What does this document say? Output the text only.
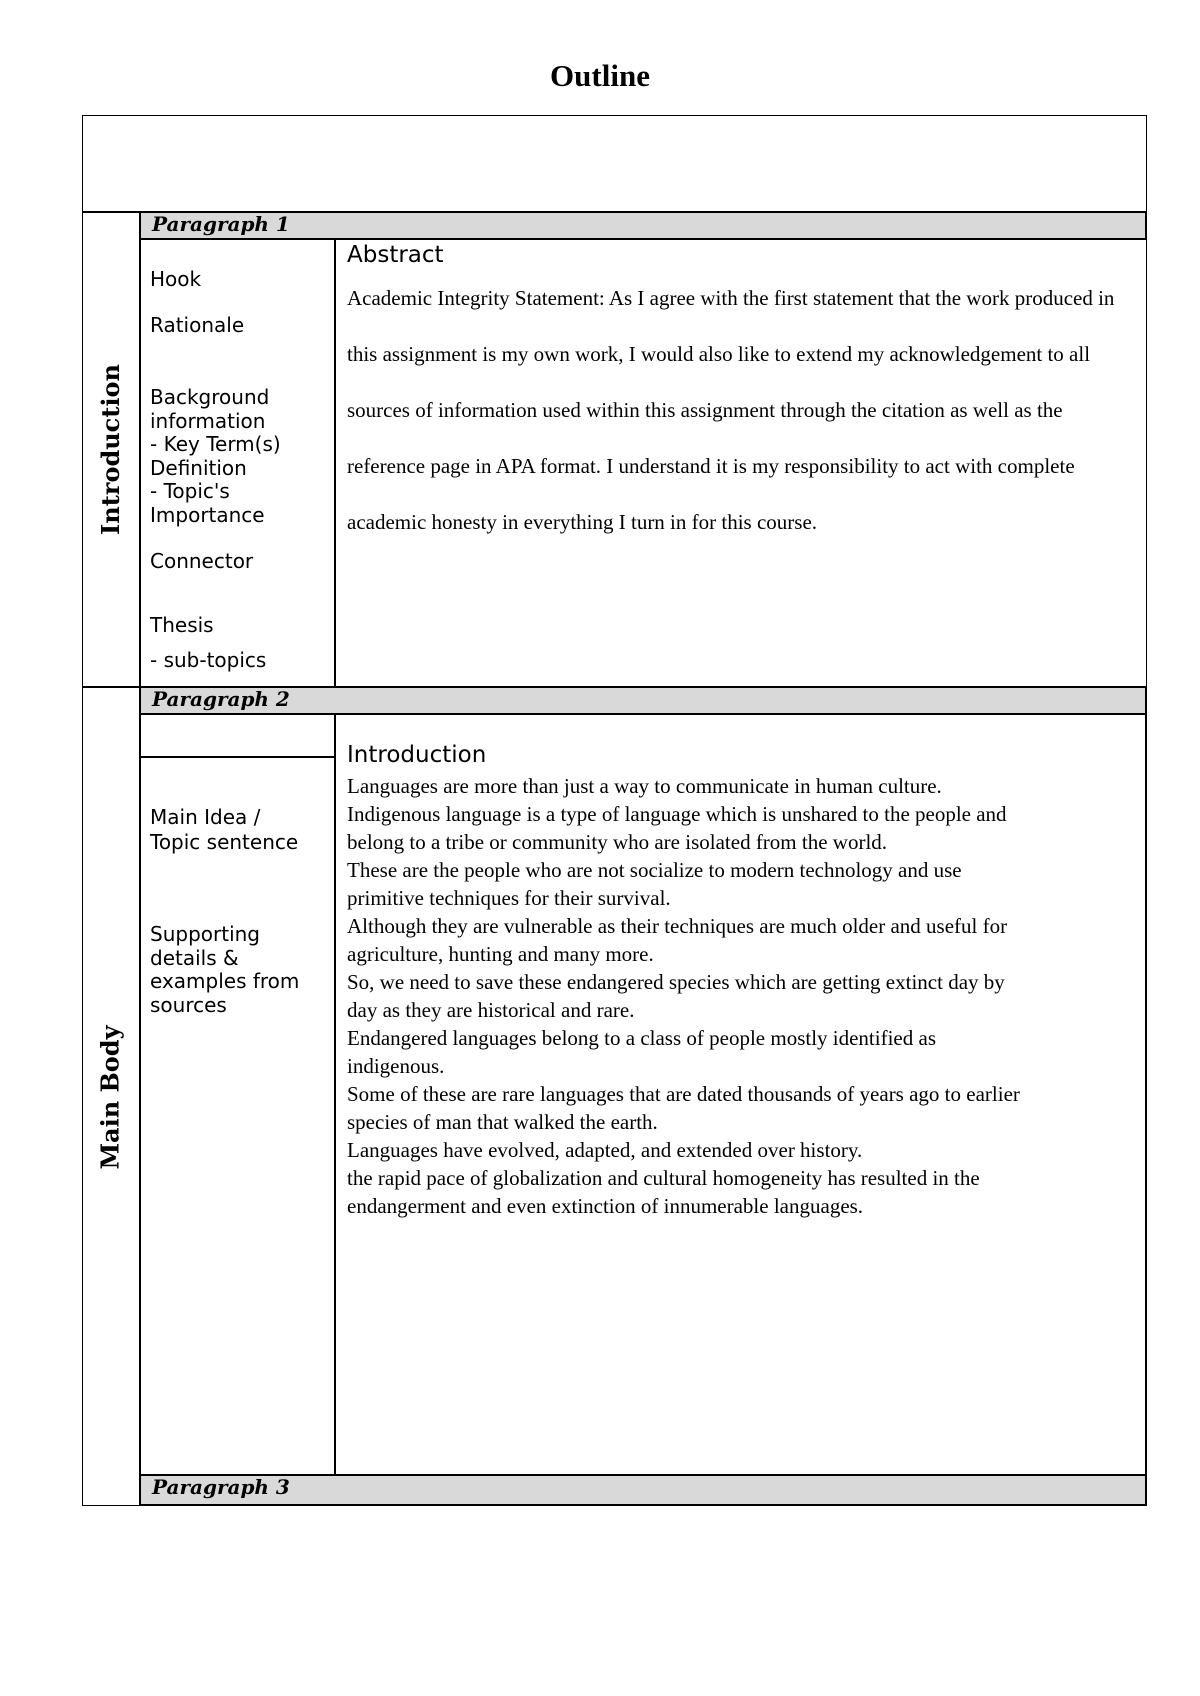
Outline
Introduction
Main Body
Paragraph 1
Hook
Rationale
Background
information
- Key Term(s)
Definition
- Topic's
Importance
Connector
Thesis
- sub-topics
Abstract

Academic Integrity Statement: As I agree with the first statement that the work produced in this assignment is my own work, I would also like to extend my acknowledgement to all sources of information used within this assignment through the citation as well as the reference page in APA format. I understand it is my responsibility to act with complete academic honesty in everything I turn in for this course.

Paragraph 2
Main Idea /
Topic sentence
Supporting
details &
examples from
sources
Introduction
Languages are more than just a way to communicate in human culture.
Indigenous language is a type of language which is unshared to the people and
belong to a tribe or community who are isolated from the world.
These are the people who are not socialize to modern technology and use
primitive techniques for their survival.
Although they are vulnerable as their techniques are much older and useful for
agriculture, hunting and many more.
So, we need to save these endangered species which are getting extinct day by
day as they are historical and rare.
Endangered languages belong to a class of people mostly identified as
indigenous.
Some of these are rare languages that are dated thousands of years ago to earlier
species of man that walked the earth.
Languages have evolved, adapted, and extended over history.
the rapid pace of globalization and cultural homogeneity has resulted in the
endangerment and even extinction of innumerable languages.
Paragraph 3
